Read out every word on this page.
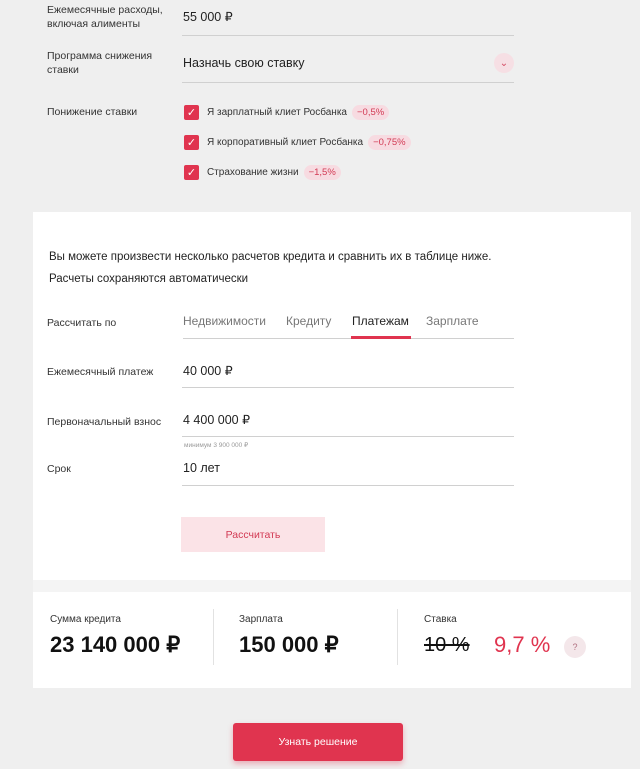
Ежемесячные расходы, включая алименты	55 000 ₽
Программа снижения ставки	Назначь свою ставку	⌄
Понижение ставки	✓ Я зарплатный клиет Росбанка	−0,5%
✓ Я корпоративный клиет Росбанка	−0,75%
✓ Страхование жизни	−1,5%
Вы можете произвести несколько расчетов кредита и сравнить их в таблице ниже.
Расчеты сохраняются автоматически
Рассчитать по	Недвижимости Кредиту Платежам Зарплате
Ежемесячный платеж 40 000 ₽
Первоначальный взнос 4 400 000 ₽
минимум 3 900 000 ₽
Срок	10 лет
Рассчитать
Сумма кредита
23 140 000 ₽
Зарплата
150 000 ₽
Ставка
10 % 9,7 %	?
Узнать решение
